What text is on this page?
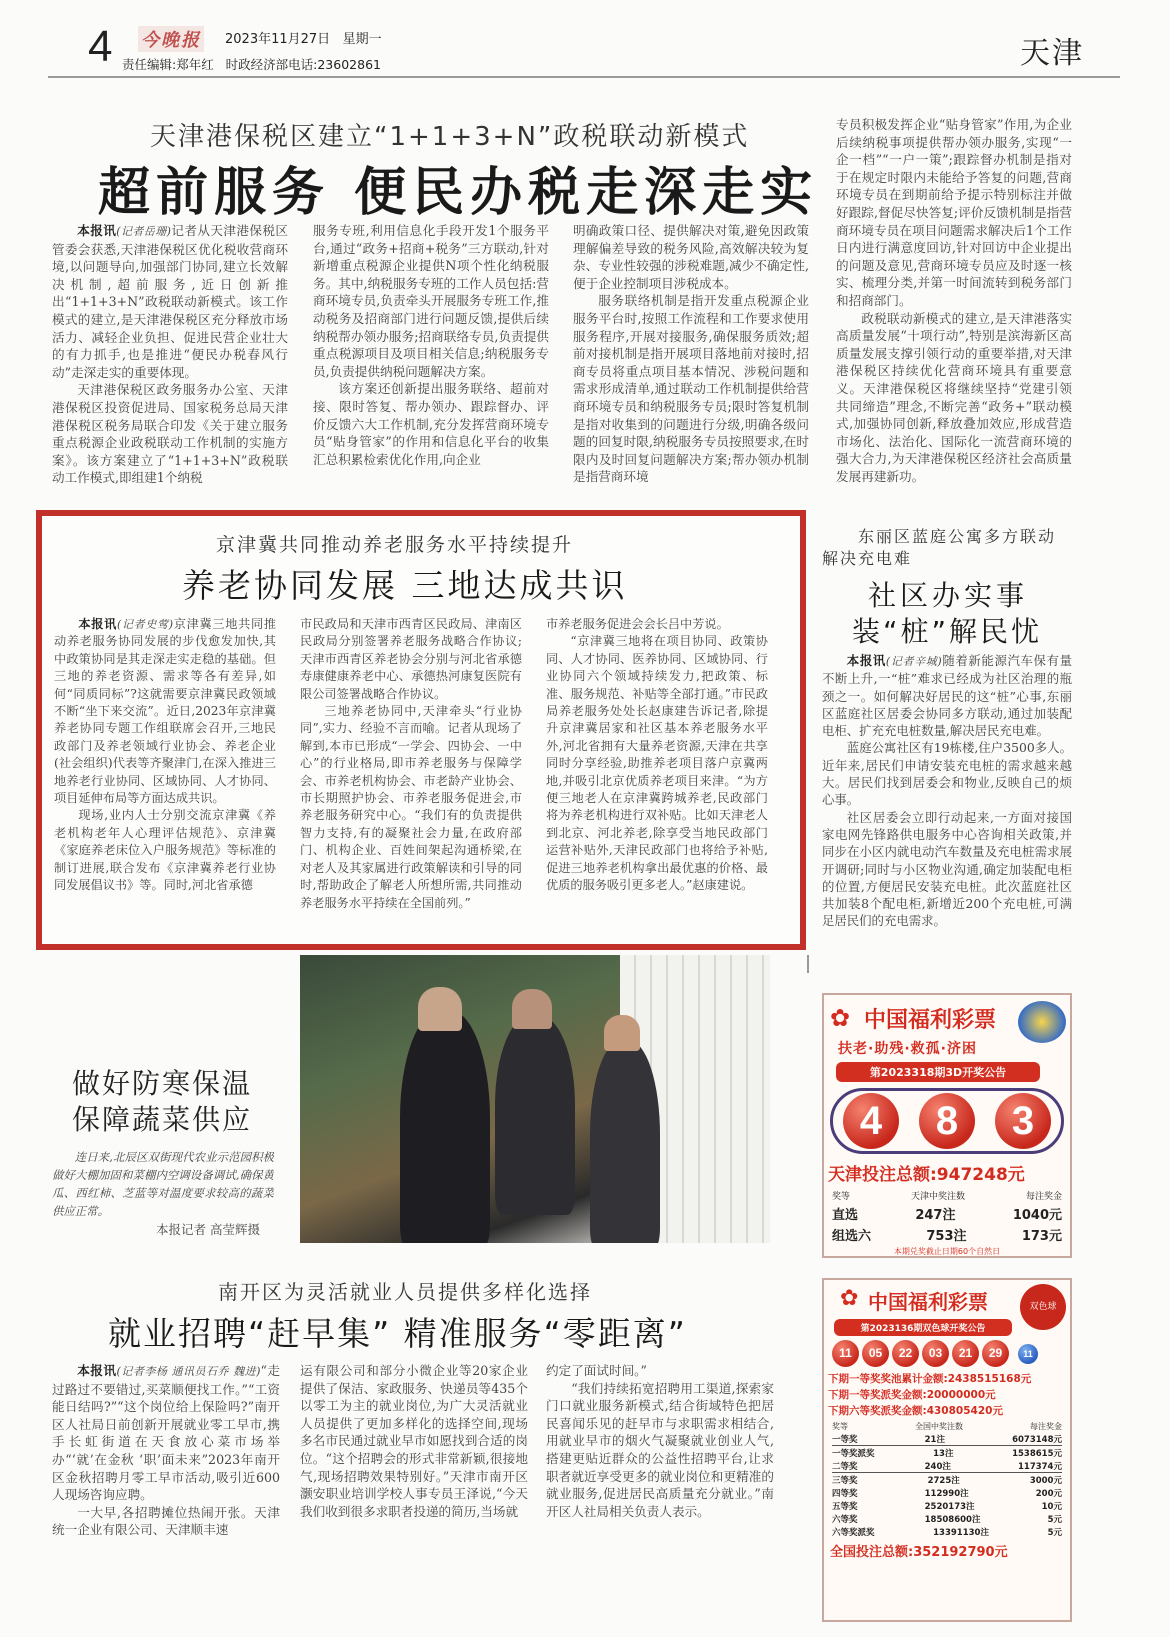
4 今晚报 2023年11月27日 星期一
责任编辑:郑年红 时政经济部电话:23602861	天津
天津港保税区建立“1+1+3+N”政税联动新模式
超前服务 便民办税走深走实

本报讯(记者岳珊)记者从天津港保税区管委会获悉,天津港保税区优化税收营商环境,以问题导向,加强部门协同,建立长效解决机制,超前服务,近日创新推出“1+1+3+N”政税联动新模式。该工作模式的建立,是天津港保税区充分释放市场活力、减轻企业负担、促进民营企业壮大的有力抓手,也是推进“便民办税春风行动”走深走实的重要体现。

天津港保税区政务服务办公室、天津港保税区投资促进局、国家税务总局天津港保税区税务局联合印发《关于建立服务重点税源企业政税联动工作机制的实施方案》。该方案建立了“1+1+3+N”政税联动工作模式,即组建1个纳税

服务专班,利用信息化手段开发1个服务平台,通过“政务+招商+税务”三方联动,针对新增重点税源企业提供N项个性化纳税服务。其中,纳税服务专班的工作人员包括:营商环境专员,负责牵头开展服务专班工作,推动税务及招商部门进行问题反馈,提供后续纳税帮办领办服务;招商联络专员,负责提供重点税源项目及项目相关信息;纳税服务专员,负责提供纳税问题解决方案。

该方案还创新提出服务联络、超前对接、限时答复、帮办领办、跟踪督办、评价反馈六大工作机制,充分发挥营商环境专员“贴身管家”的作用和信息化平台的收集汇总积累检索优化作用,向企业

明确政策口径、提供解决对策,避免因政策理解偏差导致的税务风险,高效解决较为复杂、专业性较强的涉税难题,减少不确定性,便于企业控制项目涉税成本。

服务联络机制是指开发重点税源企业服务平台时,按照工作流程和工作要求使用服务程序,开展对接服务,确保服务质效;超前对接机制是指开展项目落地前对接时,招商专员将重点项目基本情况、涉税问题和需求形成清单,通过联动工作机制提供给营商环境专员和纳税服务专员;限时答复机制是指对收集到的问题进行分级,明确各级问题的回复时限,纳税服务专员按照要求,在时限内及时回复问题解决方案;帮办领办机制是指营商环境

专员积极发挥企业“贴身管家”作用,为企业后续纳税事项提供帮办领办服务,实现“一企一档”“一户一策”;跟踪督办机制是指对于在规定时限内未能给予答复的问题,营商环境专员在到期前给予提示特别标注并做好跟踪,督促尽快答复;评价反馈机制是指营商环境专员在项目问题需求解决后1个工作日内进行满意度回访,针对回访中企业提出的问题及意见,营商环境专员应及时逐一核实、梳理分类,并第一时间流转到税务部门和招商部门。

政税联动新模式的建立,是天津港落实高质量发展“十项行动”,特别是滨海新区高质量发展支撑引领行动的重要举措,对天津港保税区持续优化营商环境具有重要意义。天津港保税区将继续坚持“党建引领 共同缔造”理念,不断完善“政务+”联动模式,加强协同创新,释放叠加效应,形成营造市场化、法治化、国际化一流营商环境的强大合力,为天津港保税区经济社会高质量发展再建新功。

京津冀共同推动养老服务水平持续提升
养老协同发展 三地达成共识

本报讯(记者史莺)京津冀三地共同推动养老服务协同发展的步伐愈发加快,其中政策协同是其走深走实走稳的基础。但三地的养老资源、需求等各有差异,如何“同质同标”?这就需要京津冀民政领域不断“坐下来交流”。近日,2023年京津冀养老协同专题工作组联席会召开,三地民政部门及养老领域行业协会、养老企业(社会组织)代表等齐聚津门,在深入推进三地养老行业协同、区域协同、人才协同、项目延伸布局等方面达成共识。

现场,业内人士分别交流京津冀《养老机构老年人心理评估规范》、京津冀《家庭养老床位入户服务规范》等标准的制订进展,联合发布《京津冀养老行业协同发展倡议书》等。同时,河北省承德

市民政局和天津市西青区民政局、津南区民政局分别签署养老服务战略合作协议;天津市西青区养老协会分别与河北省承德寿康健康养老中心、承德热河康复医院有限公司签署战略合作协议。

三地养老协同中,天津牵头“行业协同”,实力、经验不言而喻。记者从现场了解到,本市已形成“一学会、四协会、一中心”的行业格局,即市养老服务与保障学会、市养老机构协会、市老龄产业协会、市长期照护协会、市养老服务促进会,市养老服务研究中心。“我们有的负责提供智力支持,有的凝聚社会力量,在政府部门、机构企业、百姓间架起沟通桥梁,在对老人及其家属进行政策解读和引导的同时,帮助政企了解老人所想所需,共同推动养老服务水平持续在全国前列。”

市养老服务促进会会长吕中芳说。

“京津冀三地将在项目协同、政策协同、人才协同、医养协同、区域协同、行业协同六个领域持续发力,把政策、标准、服务规范、补贴等全部打通。”市民政局养老服务处处长赵康建告诉记者,除提升京津冀居家和社区基本养老服务水平外,河北省拥有大量养老资源,天津在共享同时分享经验,助推养老项目落户京冀两地,并吸引北京优质养老项目来津。“为方便三地老人在京津冀跨城养老,民政部门将为养老机构进行双补贴。比如天津老人到北京、河北养老,除享受当地民政部门运营补贴外,天津民政部门也将给予补贴,促进三地养老机构拿出最优惠的价格、最优质的服务吸引更多老人。”赵康建说。

东丽区蓝庭公寓多方联动
解决充电难
社区办实事
装“桩”解民忧

本报讯(记者辛城)随着新能源汽车保有量不断上升,一“桩”难求已经成为社区治理的瓶颈之一。如何解决好居民的这“桩”心事,东丽区蓝庭社区居委会协同多方联动,通过加装配电柜、扩充充电桩数量,解决居民充电难。

蓝庭公寓社区有19栋楼,住户3500多人。近年来,居民们申请安装充电桩的需求越来越大。居民们找到居委会和物业,反映自己的烦心事。

社区居委会立即行动起来,一方面对接国家电网先锋路供电服务中心咨询相关政策,并同步在小区内就电动汽车数量及充电桩需求展开调研;同时与小区物业沟通,确定加装配电柜的位置,方便居民安装充电桩。此次蓝庭社区共加装8个配电柜,新增近200个充电桩,可满足居民们的充电需求。

做好防寒保温
保障蔬菜供应

连日来,北辰区双街现代农业示范园积极做好大棚加固和菜棚内空调设备调试,确保黄瓜、西红柿、芝蓝等对温度要求较高的蔬菜供应正常。

本报记者 高莹辉摄
中国福利彩票
✿
扶老·助残·救孤·济困
第2023318期3D开奖公告
4	8	3
天津投注总额:947248元
奖等	天津中奖注数	每注奖金
直选	247注	1040元
组选六	753注	173元
本期兑奖截止日期60个自然日
✿ 中国福利彩票	双色球
第2023136期双色球开奖公告
11	05	22	03	21	29	11
下期一等奖奖池累计金额:2438515168元
下期一等奖派奖金额:20000000元
下期六等奖派奖金额:430805420元
奖等	全国中奖注数	每注奖金
一等奖	21注	6073148元
一等奖派奖	13注	1538615元
二等奖	240注	117374元
三等奖	2725注	3000元
四等奖	112990注	200元
五等奖	2520173注	10元
六等奖	18508600注	5元
六等奖派奖	13391130注	5元
全国投注总额:352192790元
南开区为灵活就业人员提供多样化选择
就业招聘“赶早集” 精准服务“零距离”

本报讯(记者李杨 通讯员石乔 魏进)“走过路过不要错过,买菜顺便找工作。”“工资能日结吗?”“这个岗位给上保险吗?”南开区人社局日前创新开展就业零工早市,携手长虹街道在天食放心菜市场举办“‘就’在金秋 ‘职’面未来”2023年南开区金秋招聘月零工早市活动,吸引近600人现场咨询应聘。

一大早,各招聘摊位热闹开张。天津统一企业有限公司、天津顺丰速

运有限公司和部分小微企业等20家企业提供了保洁、家政服务、快递员等435个以零工为主的就业岗位,为广大灵活就业人员提供了更加多样化的选择空间,现场多名市民通过就业早市如愿找到合适的岗位。“这个招聘会的形式非常新颖,很接地气,现场招聘效果特别好。”天津市南开区灏安职业培训学校人事专员王泽说,“今天我们收到很多求职者投递的简历,当场就

约定了面试时间。”

“我们持续拓宽招聘用工渠道,探索家门口就业服务新模式,结合街域特色把居民喜闻乐见的赶早市与求职需求相结合,用就业早市的烟火气凝聚就业创业人气,搭建更贴近群众的公益性招聘平台,让求职者就近享受更多的就业岗位和更精准的就业服务,促进居民高质量充分就业。”南开区人社局相关负责人表示。
